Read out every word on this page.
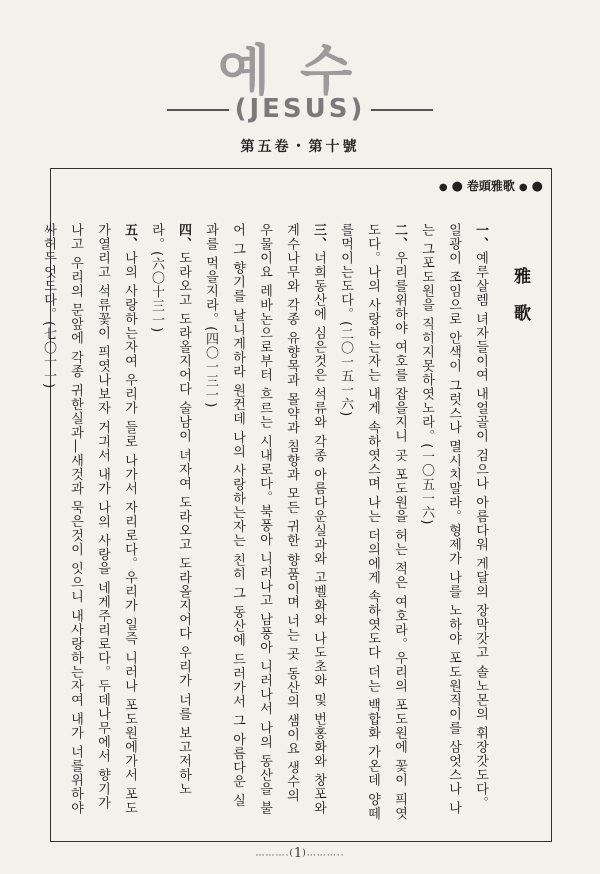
예수
(JESUS)
第五卷・第十號
● ● 卷頭雅歌 ● ●
雅歌

一、예루살렘 녀자들이여 내얼골이 검으나 아름다워 게달의 장막갓고 솔노몬의 휘장갓도다。일광이 조임으로 안색이 그럿스나 멸시치말라。형제가 나를 노하야 포도원직이를 삼엇스나 나는 그포도원을 직히지못하엿노라。(一〇五一六)

二、우리를위하야 여호를 잡을지니 곳 포도원을 허는 적은 여호라。우리의 포도원에 꽃이 픠엿도다。나의 사랑하는자는 내게 속하엿스며 나는 더의에게 속하엿도다 더는 백합화 가온데 양떼를먹이는도다。(二〇一五一六)

三、너희동산에 심은것은 석류와 각종 아름다운실과와 고벨화와 나도초와 및 번홍화와 창포와 계수나무와 각종 유향목과 몰약과 침향과 모든 귀한 향품이며 너는 곳 동산의 샘이요 생수의 우물이요 레바논으로부터 흐르는 시내로다。북풍아 니러나고 남풍아 니러나서 나의 동산을 불어 그 향기를 날니게하라 원컨데 나의 사랑하는자는 친히 그 동산에 드러가서 그 아름다운 실과를 먹을지라。(四〇一三一)

四、도라오고 도라올지어다 술남이 녀자여 도라오고 도라올지어다 우리가 너를 보고저하노라。(六〇十三一)

五、나의 사랑하는자여 우리가 들로 나가서 자리로다。우리가 일즉 니러나 포도원에가서 포도가열리고 석류꽃이 픠엿나보자 거긔서 내가 나의 사랑을 네게주리로다。두데나무에서 향기가나고 우리의 문앞에 각종 귀한실과―새것과 묵은것이 잇으니 내사랑하는자여 내가 너를위하야 싸허두엇도다。(七〇十一)

……….(1)………..
